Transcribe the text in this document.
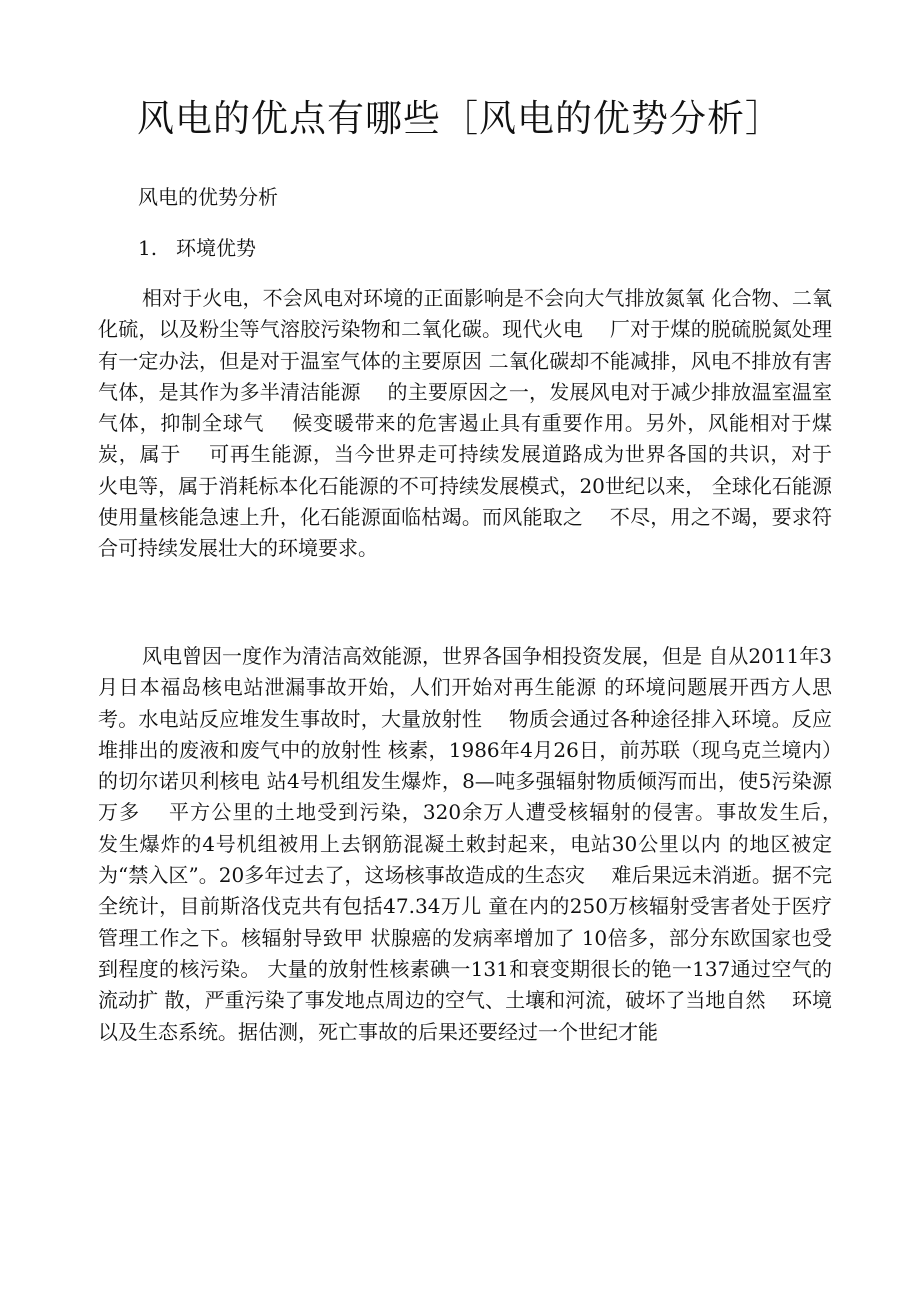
风电的优点有哪些［风电的优势分析］

风电的优势分析

1. 环境优势

相对于火电，不会风电对环境的正面影响是不会向大气排放氮氧 化合物、二氧化硫，以及粉尘等气溶胶污染物和二氧化碳。现代火电　 厂对于煤的脱硫脱氮处理有一定办法，但是对于温室气体的主要原因 二氧化碳却不能减排，风电不排放有害气体，是其作为多半清洁能源　 的主要原因之一，发展风电对于减少排放温室温室气体，抑制全球气　 候变暖带来的危害遏止具有重要作用。另外，风能相对于煤炭，属于　 可再生能源，当今世界走可持续发展道路成为世界各国的共识，对于　 火电等，属于消耗标本化石能源的不可持续发展模式，20世纪以来， 全球化石能源使用量核能急速上升，化石能源面临枯竭。而风能取之　 不尽，用之不竭，要求符合可持续发展壮大的环境要求。

风电曾因一度作为清洁高效能源，世界各国争相投资发展，但是 自从2011年3月日本福岛核电站泄漏事故开始，人们开始对再生能源 的环境问题展开西方人思考。水电站反应堆发生事故时，大量放射性　 物质会通过各种途径排入环境。反应堆排出的废液和废气中的放射性 核素，1986年4月26日，前苏联（现乌克兰境内）的切尔诺贝利核电 站4号机组发生爆炸，8—吨多强辐射物质倾泻而出，使5污染源万多　 平方公里的土地受到污染，320余万人遭受核辐射的侵害。事故发生后，　 发生爆炸的4号机组被用上去钢筋混凝土敕封起来，电站30公里以内 的地区被定为“禁入区”。20多年过去了，这场核事故造成的生态灾　 难后果远未消逝。据不完全统计，目前斯洛伐克共有包括47.34万儿 童在内的250万核辐射受害者处于医疗管理工作之下。核辐射导致甲 状腺癌的发病率增加了 10倍多，部分东欧国家也受到程度的核污染。 大量的放射性核素碘一131和衰变期很长的铯一137通过空气的流动扩 散，严重污染了事发地点周边的空气、土壤和河流，破坏了当地自然　 环境以及生态系统。据估测，死亡事故的后果还要经过一个世纪才能
